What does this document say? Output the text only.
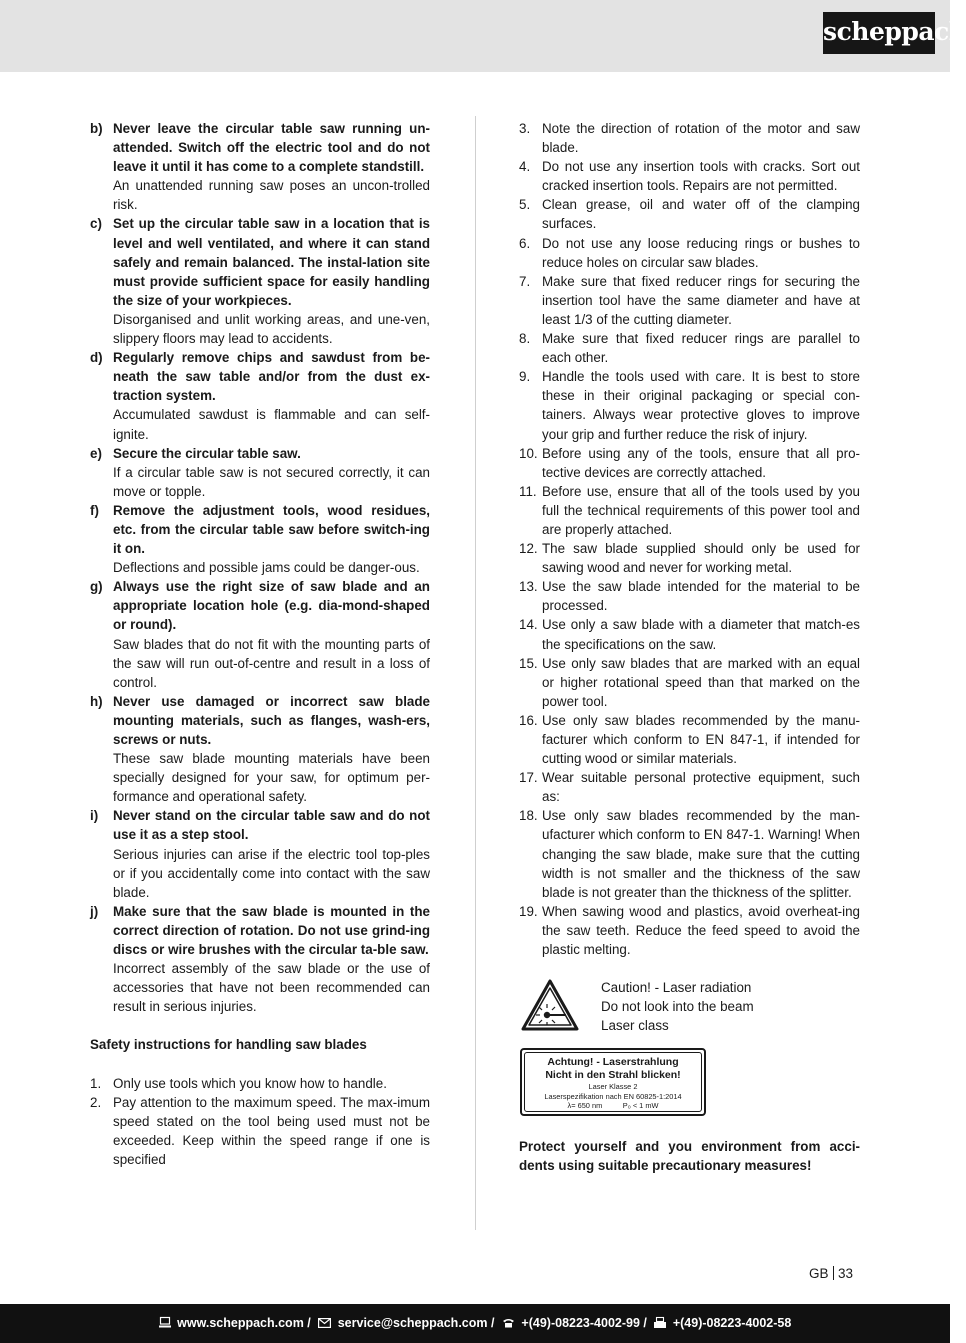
scheppach
b) Never leave the circular table saw running un-attended. Switch off the electric tool and do not leave it until it has come to a complete standstill.
An unattended running saw poses an uncon-trolled risk.
c) Set up the circular table saw in a location that is level and well ventilated, and where it can stand safely and remain balanced. The instal-lation site must provide sufficient space for easily handling the size of your workpieces.
Disorganised and unlit working areas, and une-ven, slippery floors may lead to accidents.
d) Regularly remove chips and sawdust from be-neath the saw table and/or from the dust ex-traction system.
Accumulated sawdust is flammable and can self-ignite.
e) Secure the circular table saw.
If a circular table saw is not secured correctly, it can move or topple.
f) Remove the adjustment tools, wood residues, etc. from the circular table saw before switch-ing it on.
Deflections and possible jams could be danger-ous.
g) Always use the right size of saw blade and an appropriate location hole (e.g. dia-mond-shaped or round).
Saw blades that do not fit with the mounting parts of the saw will run out-of-centre and result in a loss of control.
h) Never use damaged or incorrect saw blade mounting materials, such as flanges, wash-ers, screws or nuts.
These saw blade mounting materials have been specially designed for your saw, for optimum per-formance and operational safety.
i) Never stand on the circular table saw and do not use it as a step stool.
Serious injuries can arise if the electric tool top-ples or if you accidentally come into contact with the saw blade.
j) Make sure that the saw blade is mounted in the correct direction of rotation. Do not use grind-ing discs or wire brushes with the circular ta-ble saw.
Incorrect assembly of the saw blade or the use of accessories that have not been recommended can result in serious injuries.
Safety instructions for handling saw blades
1. Only use tools which you know how to handle.
2. Pay attention to the maximum speed. The max-imum speed stated on the tool being used must not be exceeded. Keep within the speed range if one is specified
3. Note the direction of rotation of the motor and saw blade.
4. Do not use any insertion tools with cracks. Sort out cracked insertion tools. Repairs are not permitted.
5. Clean grease, oil and water off of the clamping surfaces.
6. Do not use any loose reducing rings or bushes to reduce holes on circular saw blades.
7. Make sure that fixed reducer rings for securing the insertion tool have the same diameter and have at least 1/3 of the cutting diameter.
8. Make sure that fixed reducer rings are parallel to each other.
9. Handle the tools used with care. It is best to store these in their original packaging or special con-tainers. Always wear protective gloves to improve your grip and further reduce the risk of injury.
10. Before using any of the tools, ensure that all pro-tective devices are correctly attached.
11. Before use, ensure that all of the tools used by you full the technical requirements of this power tool and are properly attached.
12. The saw blade supplied should only be used for sawing wood and never for working metal.
13. Use the saw blade intended for the material to be processed.
14. Use only a saw blade with a diameter that match-es the specifications on the saw.
15. Use only saw blades that are marked with an equal or higher rotational speed than that marked on the power tool.
16. Use only saw blades recommended by the manu-facturer which conform to EN 847-1, if intended for cutting wood or similar materials.
17. Wear suitable personal protective equipment, such as:
18. Use only saw blades recommended by the man-ufacturer which conform to EN 847-1. Warning! When changing the saw blade, make sure that the cutting width is not smaller and the thickness of the saw blade is not greater than the thickness of the splitter.
19. When sawing wood and plastics, avoid overheat-ing the saw teeth. Reduce the feed speed to avoid the plastic melting.
Caution! - Laser radiation
Do not look into the beam
Laser class
Achtung! - Laserstrahlung
Nicht in den Strahl blicken!
Laser Klasse 2
Laserspezifikation nach EN 60825-1:2014
λ= 650 nm          P₀ < 1 mW
Protect yourself and you environment from acci-dents using suitable precautionary measures!
GB 33
www.scheppach.com / service@scheppach.com / +(49)-08223-4002-99 / +(49)-08223-4002-58
